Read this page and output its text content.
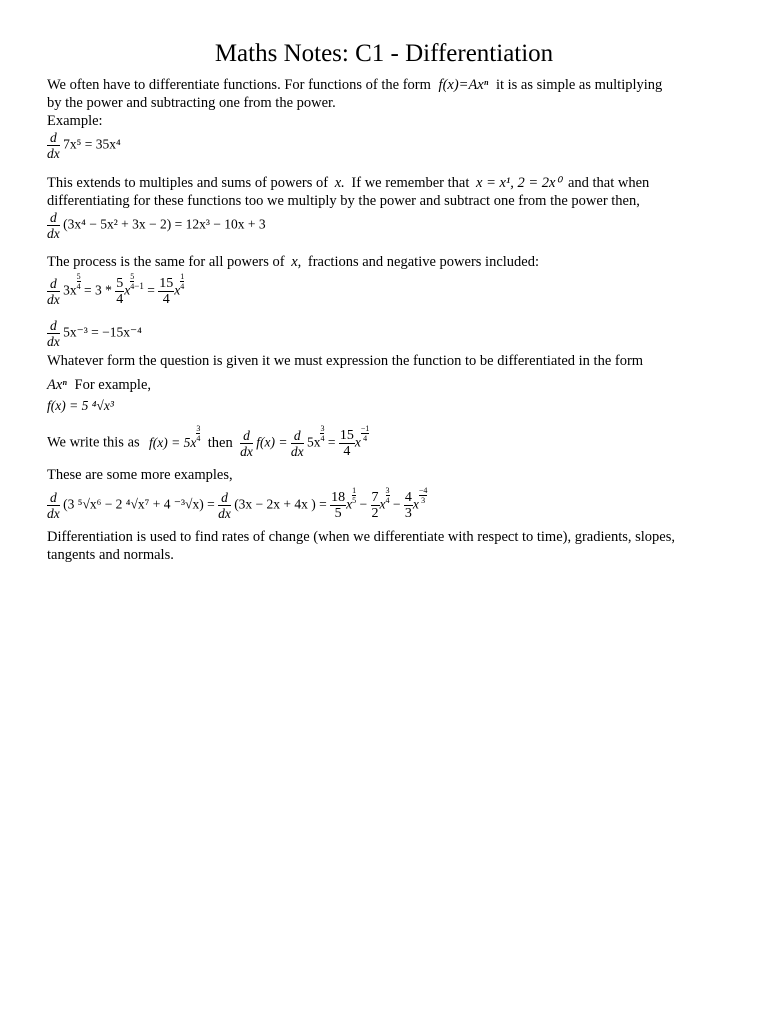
Maths Notes: C1 - Differentiation
We often have to differentiate functions. For functions of the form f(x)=Axⁿ it is as simple as multiplying
by the power and subtracting one from the power.
Example:
$\frac{d}{dx} 7x^5 = 35x^4$
This extends to multiples and sums of powers of x. If we remember that x = x¹, 2 = 2x⁰ and that when
differentiating for these functions too we multiply by the power and subtract one from the power then,
$\frac{d}{dx} (3x^4 - 5x^2 + 3x - 2) = 12x^3 - 10x + 3$
The process is the same for all powers of x, fractions and negative powers included:
$\frac{d}{dx} 3x \frac{5}{4} = 3 * \frac{5}{4}$ x $\frac{5}{4} ^{-1} = \frac{15}{4}$ x $\frac{1}{4}$
$\frac{d}{dx} 5x^{-3} = -15x^{-4}$
Whatever form the question is given it we must expression the function to be differentiated in the form
Axⁿ For example,
f(x) = 5 ⁴√x³
We write this as $f(x) = 5x \frac{3}{4}$ then $\frac{d}{dx} f(x) = \frac{d}{dx} 5x \frac{3}{4} = \frac{15}{4}$ x $\frac{-1}{4}$
These are some more examples,
$\frac{d}{dx} (3$ ⁵√x⁶ − 2 ⁴√x⁷ + 4 $^{-3}√x) = \frac{d}{dx} (3x - 2x + 4x$ ) = $\frac{18}{5}$ x $\frac{1}{5} - \frac{7}{2}$ x $\frac{3}{4} - \frac{4}{3}$ x $\frac{-4}{3}$
Differentiation is used to find rates of change (when we differentiate with respect to time), gradients, slopes,
tangents and normals.
